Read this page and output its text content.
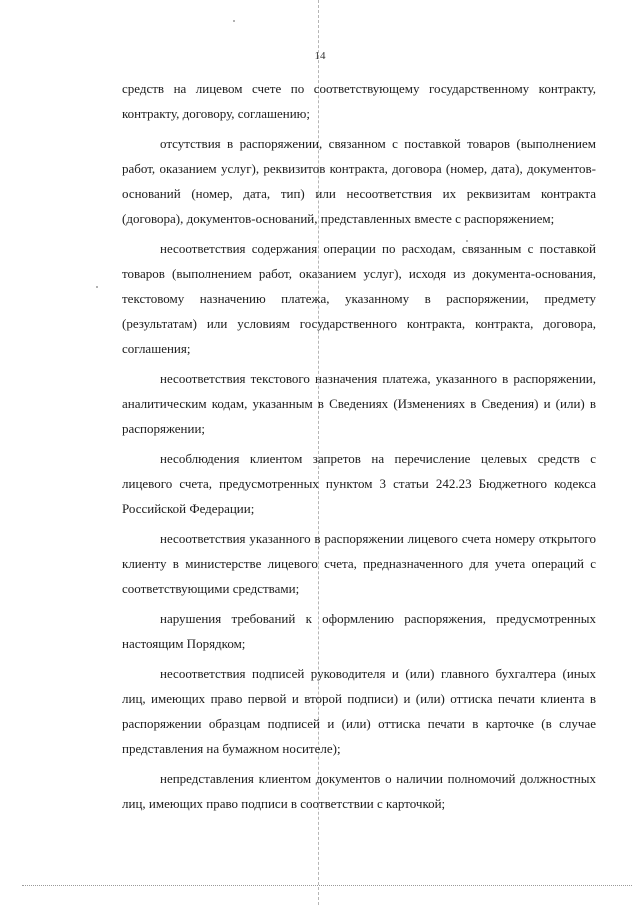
14

средств на лицевом счете по соответствующему государственному контракту, контракту, договору, соглашению;

отсутствия в распоряжении, связанном с поставкой товаров (выполнением работ, оказанием услуг), реквизитов контракта, договора (номер, дата), документов-оснований (номер, дата, тип) или несоответствия их реквизитам контракта (договора), документов-оснований, представленных вместе с распоряжением;

несоответствия содержания операции по расходам, связанным с поставкой товаров (выполнением работ, оказанием услуг), исходя из документа-основания, текстовому назначению платежа, указанному в распоряжении, предмету (результатам) или условиям государственного контракта, контракта, договора, соглашения;

несоответствия текстового назначения платежа, указанного в распоряжении, аналитическим кодам, указанным в Сведениях (Изменениях в Сведения) и (или) в распоряжении;

несоблюдения клиентом запретов на перечисление целевых средств с лицевого счета, предусмотренных пунктом 3 статьи 242.23 Бюджетного кодекса Российской Федерации;

несоответствия указанного в распоряжении лицевого счета номеру открытого клиенту в министерстве лицевого счета, предназначенного для учета операций с соответствующими средствами;

нарушения требований к оформлению распоряжения, предусмотренных настоящим Порядком;

несоответствия подписей руководителя и (или) главного бухгалтера (иных лиц, имеющих право первой и второй подписи) и (или) оттиска печати клиента в распоряжении образцам подписей и (или) оттиска печати в карточке (в случае представления на бумажном носителе);

непредставления клиентом документов о наличии полномочий должностных лиц, имеющих право подписи в соответствии с карточкой;
